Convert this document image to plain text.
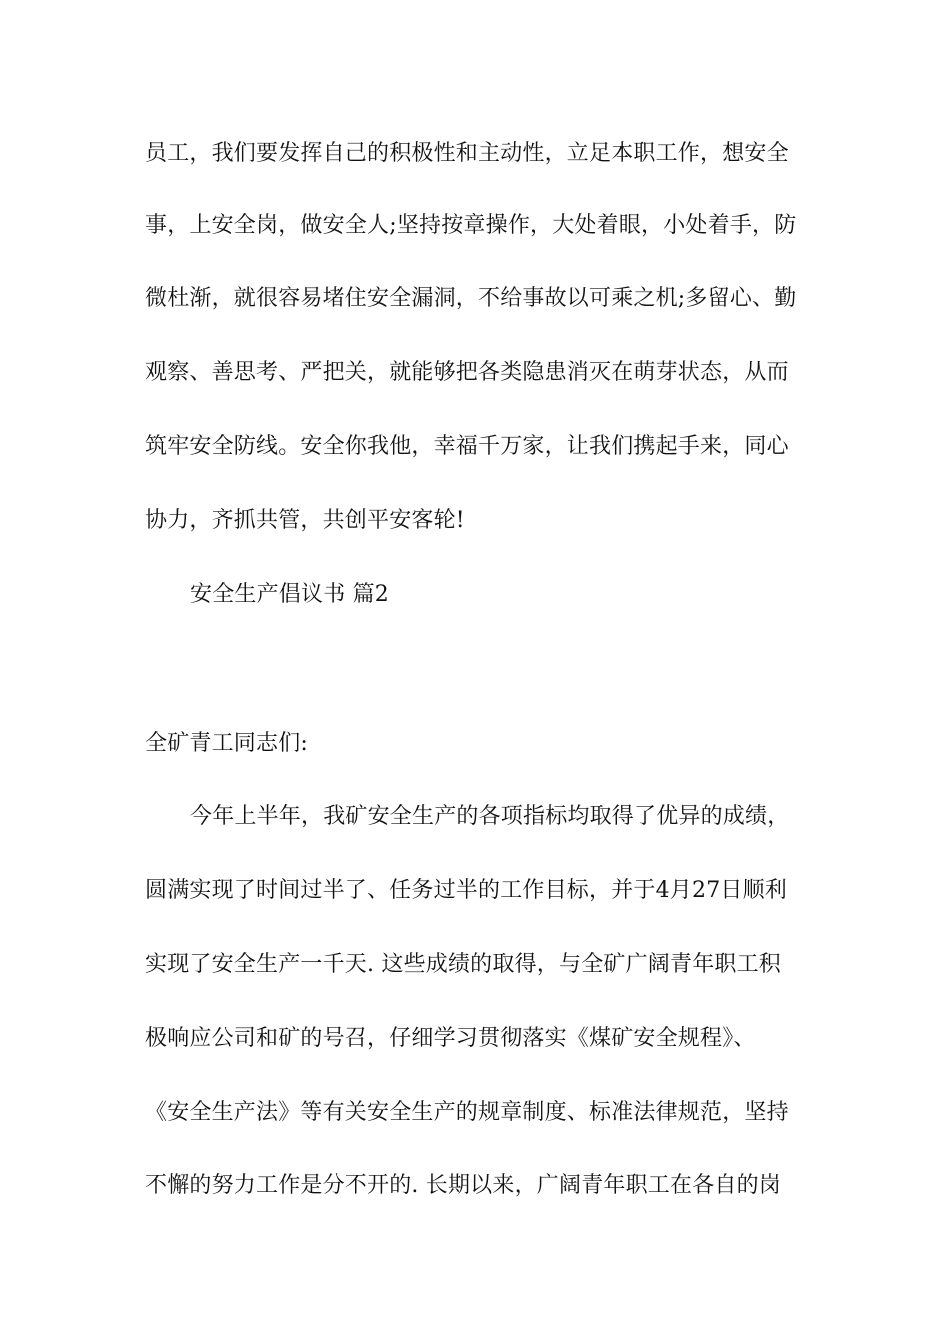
员工，我们要发挥自己的积极性和主动性，立足本职工作，想安全
事，上安全岗，做安全人;坚持按章操作，大处着眼，小处着手，防
微杜渐，就很容易堵住安全漏洞，不给事故以可乘之机;多留心、勤
观察、善思考、严把关，就能够把各类隐患消灭在萌芽状态，从而
筑牢安全防线。安全你我他，幸福千万家，让我们携起手来，同心
协力，齐抓共管，共创平安客轮!
安全生产倡议书 篇2
全矿青工同志们:
今年上半年，我矿安全生产的各项指标均取得了优异的成绩，
圆满实现了时间过半了、任务过半的工作目标，并于4月27日顺利
实现了安全生产一千天. 这些成绩的取得，与全矿广阔青年职工积
极响应公司和矿的号召，仔细学习贯彻落实《煤矿安全规程》、
《安全生产法》等有关安全生产的规章制度、标准法律规范，坚持
不懈的努力工作是分不开的. 长期以来，广阔青年职工在各自的岗
